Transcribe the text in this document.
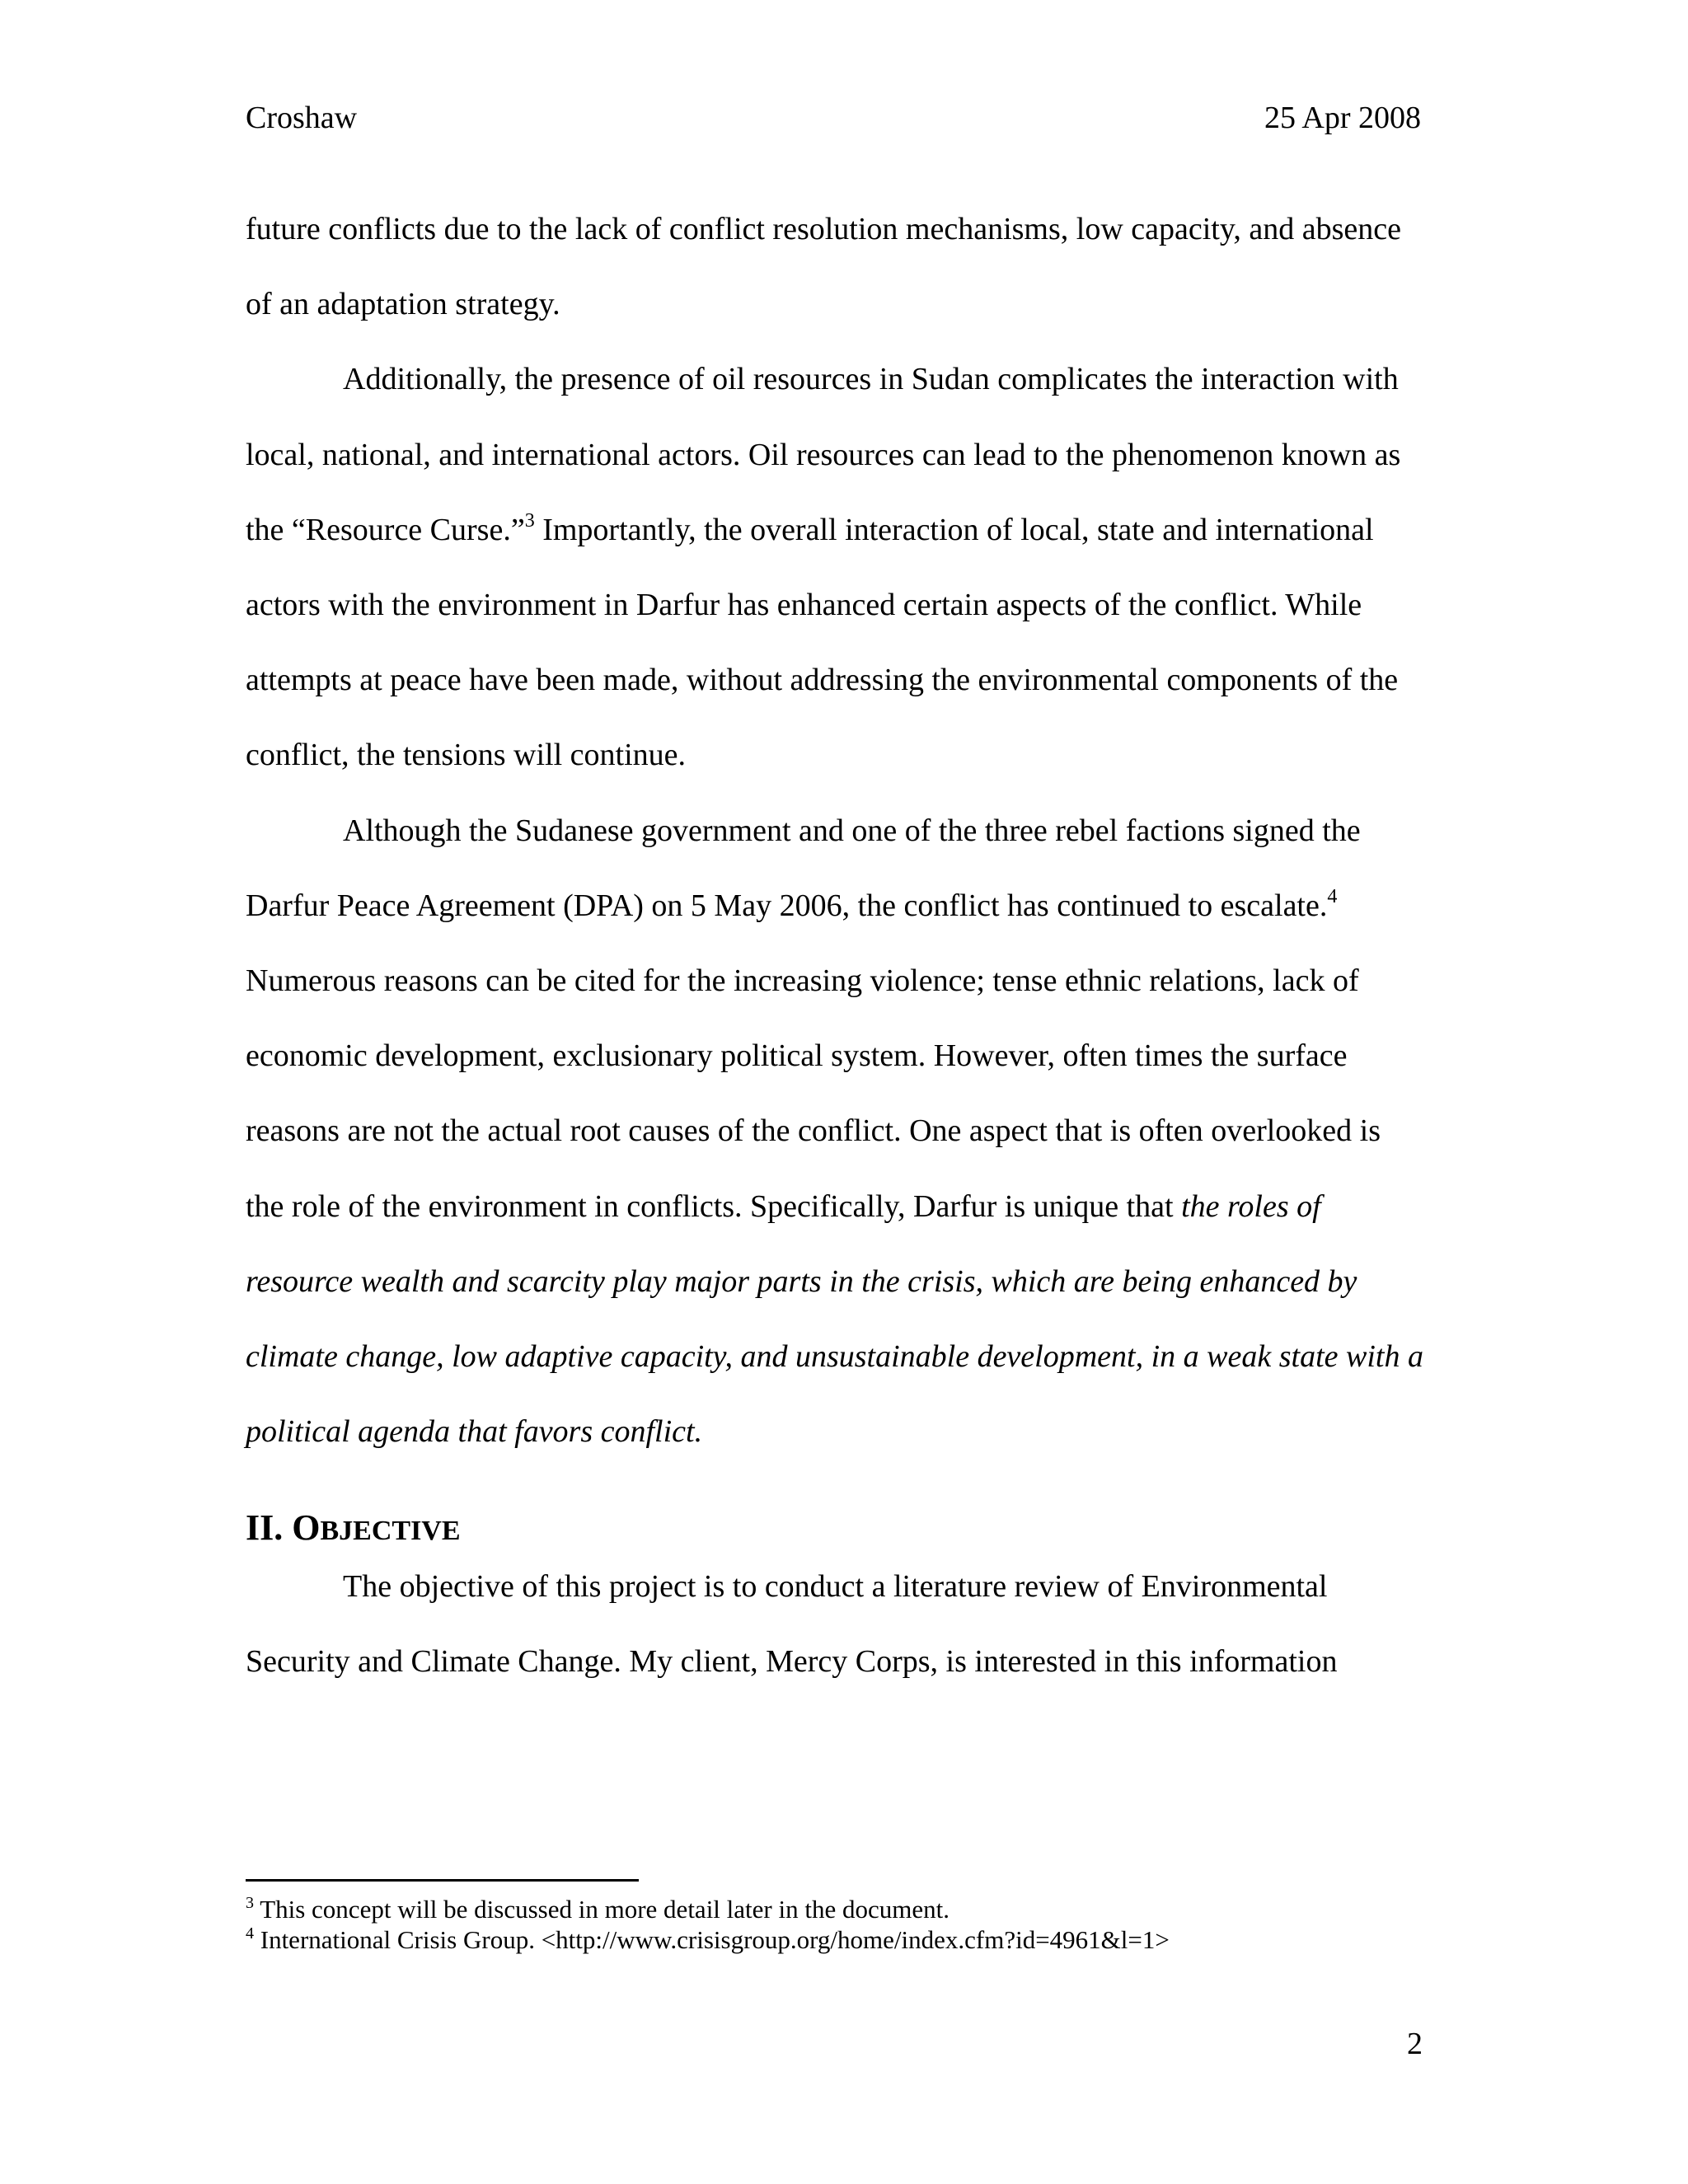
Croshaw	25 Apr 2008

future conflicts due to the lack of conflict resolution mechanisms, low capacity, and absence of an adaptation strategy.

Additionally, the presence of oil resources in Sudan complicates the interaction with local, national, and international actors. Oil resources can lead to the phenomenon known as the “Resource Curse.”$^3$ Importantly, the overall interaction of local, state and international actors with the environment in Darfur has enhanced certain aspects of the conflict. While attempts at peace have been made, without addressing the environmental components of the conflict, the tensions will continue.

Although the Sudanese government and one of the three rebel factions signed the Darfur Peace Agreement (DPA) on 5 May 2006, the conflict has continued to escalate.$^4$ Numerous reasons can be cited for the increasing violence; tense ethnic relations, lack of economic development, exclusionary political system. However, often times the surface reasons are not the actual root causes of the conflict. One aspect that is often overlooked is the role of the environment in conflicts. Specifically, Darfur is unique that the roles of resource wealth and scarcity play major parts in the crisis, which are being enhanced by climate change, low adaptive capacity, and unsustainable development, in a weak state with a political agenda that favors conflict.

II. OBJECTIVE

The objective of this project is to conduct a literature review of Environmental Security and Climate Change. My client, Mercy Corps, is interested in this information

$^3$ This concept will be discussed in more detail later in the document.

$^4$ International Crisis Group. <http://www.crisisgroup.org/home/index.cfm?id=4961&l=1>

2
